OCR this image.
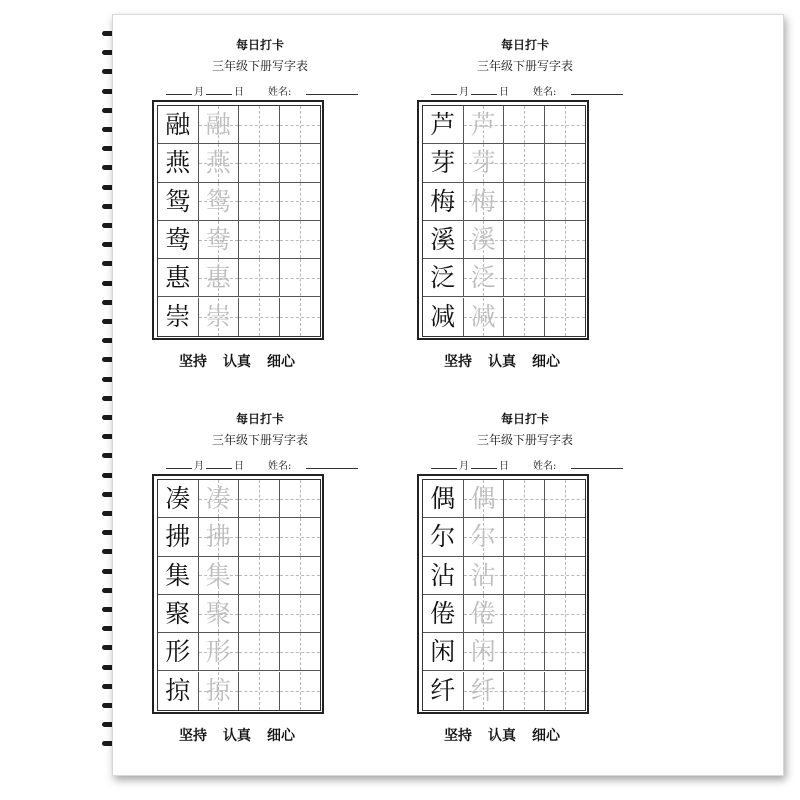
每日打卡
三年级下册写字表
月	日 姓名:
融 融
燕 燕
鸳 鸳
鸯 鸯
惠 惠
崇 崇
坚持 认真 细心
每日打卡
三年级下册写字表
月	日 姓名:
芦 芦
芽 芽
梅 梅
溪 溪
泛 泛
减 减
坚持 认真 细心
每日打卡
三年级下册写字表
月	日 姓名:
凑 凑
拂 拂
集 集
聚 聚
形 形
掠 掠
坚持 认真 细心
每日打卡
三年级下册写字表
月	日 姓名:
偶 偶
尔 尔
沾 沾
倦 倦
闲 闲
纤 纤
坚持 认真 细心
